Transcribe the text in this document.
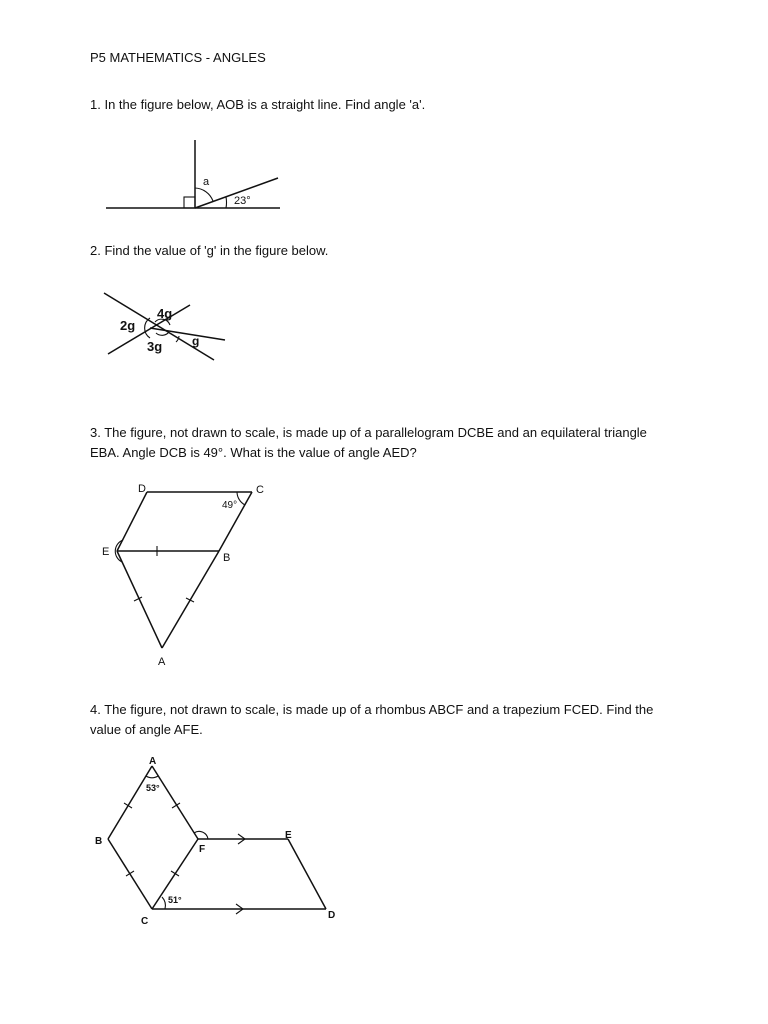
P5 MATHEMATICS - ANGLES
1. In the figure below, AOB is a straight line. Find angle 'a'.
a
23°
2. Find the value of 'g' in the figure below.
4g
2g
3g g
3. The figure, not drawn to scale, is made up of a parallelogram DCBE and an equilateral triangle
EBA. Angle DCB is 49°. What is the value of angle AED?
D	C
E	B
A
49°
4. The figure, not drawn to scale, is made up of a rhombus ABCF and a trapezium FCED. Find the
value of angle AFE.
A
B
C
F
E
D
53°
51°
